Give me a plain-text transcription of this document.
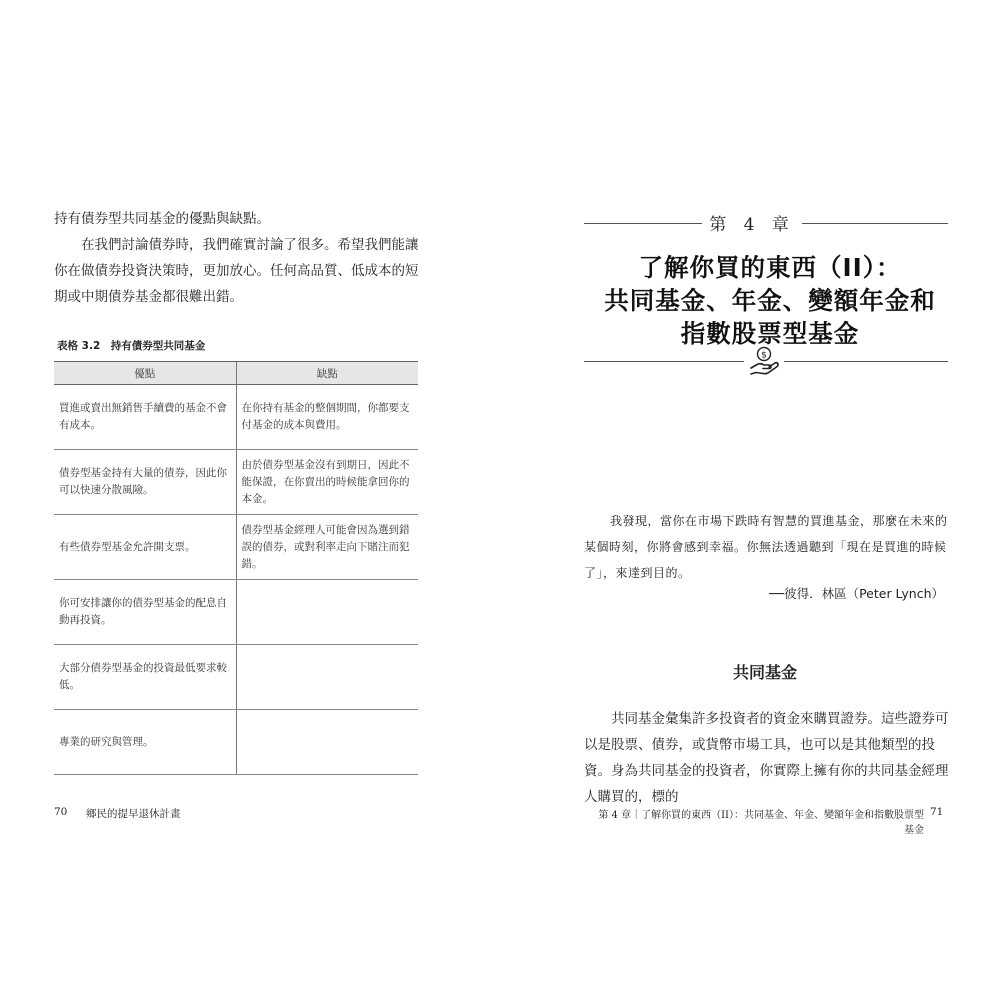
持有債券型共同基金的優點與缺點。

在我們討論債券時，我們確實討論了很多。希望我們能讓你在做債券投資決策時，更加放心。任何高品質、低成本的短期或中期債券基金都很難出錯。

表格 3.2　持有債券型共同基金
優點	缺點
買進或賣出無銷售手續費的基金不會有成本。	在你持有基金的整個期間，你都要支付基金的成本與費用。
債券型基金持有大量的債券，因此你可以快速分散風險。	由於債券型基金沒有到期日，因此不能保證，在你賣出的時候能拿回你的本金。
有些債券型基金允許開支票。	債券型基金經理人可能會因為選到錯誤的債券，或對利率走向下賭注而犯錯。
你可安排讓你的債券型基金的配息自動再投資。	
大部分債券型基金的投資最低要求較低。	
專業的研究與管理。	
70 鄉民的提早退休計畫
第 4 章
了解你買的東西（II）：
共同基金、年金、變額年金和
指數股票型基金
$

我發現，當你在市場下跌時有智慧的買進基金，那麼在未來的某個時刻，你將會感到幸福。你無法透過聽到「現在是買進的時候了」，來達到目的。

──彼得．林區（Peter Lynch）
共同基金

共同基金彙集許多投資者的資金來購買證券。這些證券可以是股票、債券，或貨幣市場工具，也可以是其他類型的投資。身為共同基金的投資者，你實際上擁有你的共同基金經理人購買的，標的

第 4 章｜了解你買的東西（II）：共同基金、年金、變額年金和指數股票型基金
71
